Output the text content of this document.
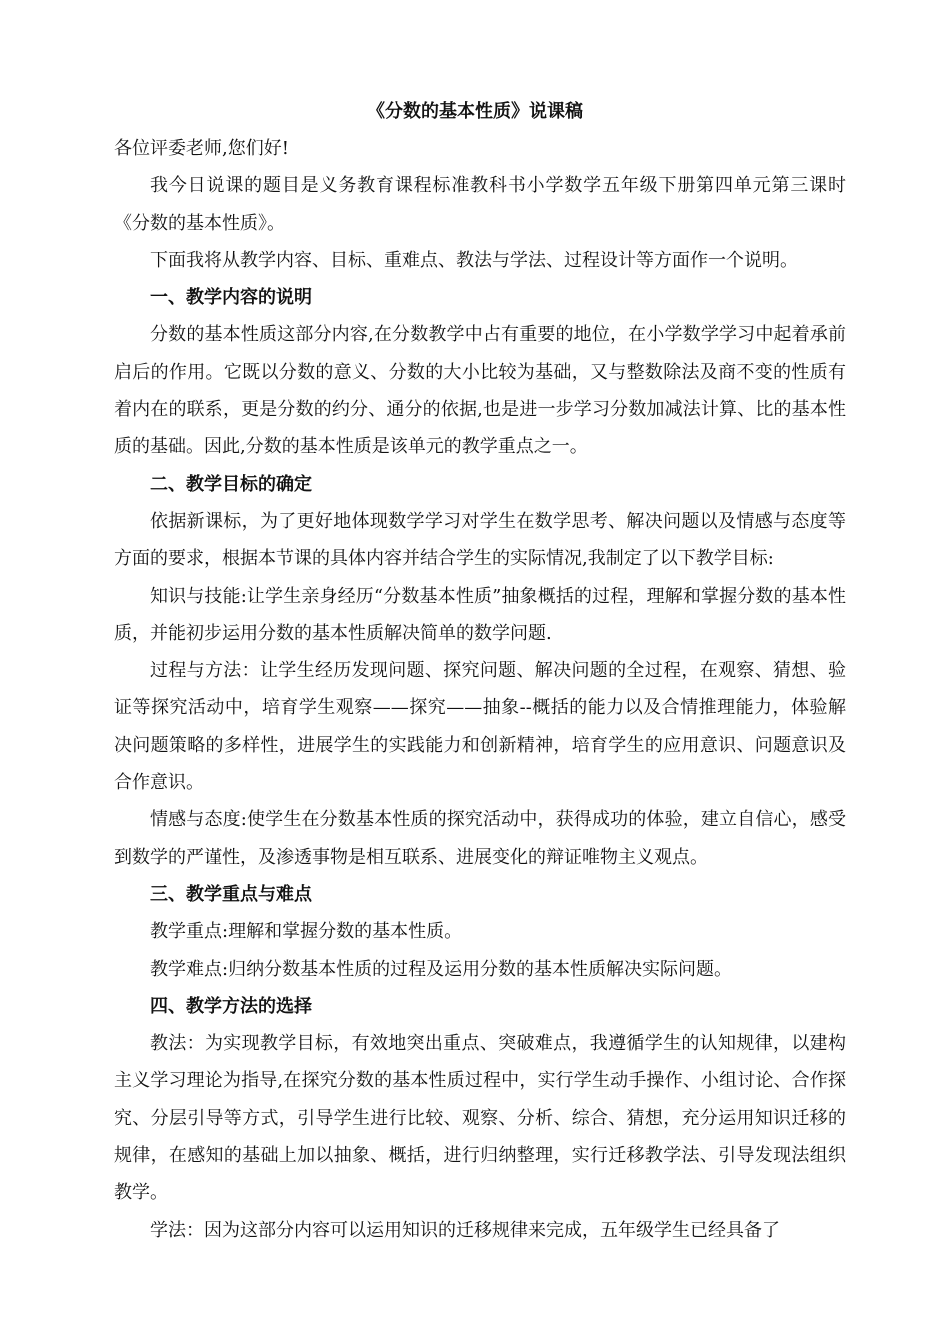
《分数的基本性质》说课稿

各位评委老师,您们好!

我今日说课的题目是义务教育课程标准教科书小学数学五年级下册第四单元第三课时《分数的基本性质》。

下面我将从教学内容、目标、重难点、教法与学法、过程设计等方面作一个说明。

一、教学内容的说明

分数的基本性质这部分内容,在分数教学中占有重要的地位，在小学数学学习中起着承前启后的作用。它既以分数的意义、分数的大小比较为基础，又与整数除法及商不变的性质有着内在的联系，更是分数的约分、通分的依据,也是进一步学习分数加减法计算、比的基本性质的基础。因此,分数的基本性质是该单元的教学重点之一。

二、教学目标的确定

依据新课标，为了更好地体现数学学习对学生在数学思考、解决问题以及情感与态度等方面的要求，根据本节课的具体内容并结合学生的实际情况,我制定了以下教学目标:

知识与技能:让学生亲身经历“分数基本性质”抽象概括的过程，理解和掌握分数的基本性质，并能初步运用分数的基本性质解决简单的数学问题.

过程与方法：让学生经历发现问题、探究问题、解决问题的全过程，在观察、猜想、验证等探究活动中，培育学生观察——探究——抽象--概括的能力以及合情推理能力，体验解决问题策略的多样性，进展学生的实践能力和创新精神，培育学生的应用意识、问题意识及合作意识。

情感与态度:使学生在分数基本性质的探究活动中，获得成功的体验，建立自信心，感受到数学的严谨性，及渗透事物是相互联系、进展变化的辩证唯物主义观点。

三、教学重点与难点

教学重点:理解和掌握分数的基本性质。

教学难点:归纳分数基本性质的过程及运用分数的基本性质解决实际问题。

四、教学方法的选择

教法：为实现教学目标，有效地突出重点、突破难点，我遵循学生的认知规律，以建构主义学习理论为指导,在探究分数的基本性质过程中，实行学生动手操作、小组讨论、合作探究、分层引导等方式，引导学生进行比较、观察、分析、综合、猜想，充分运用知识迁移的规律，在感知的基础上加以抽象、概括，进行归纳整理，实行迁移教学法、引导发现法组织教学。

学法：因为这部分内容可以运用知识的迁移规律来完成，五年级学生已经具备了
